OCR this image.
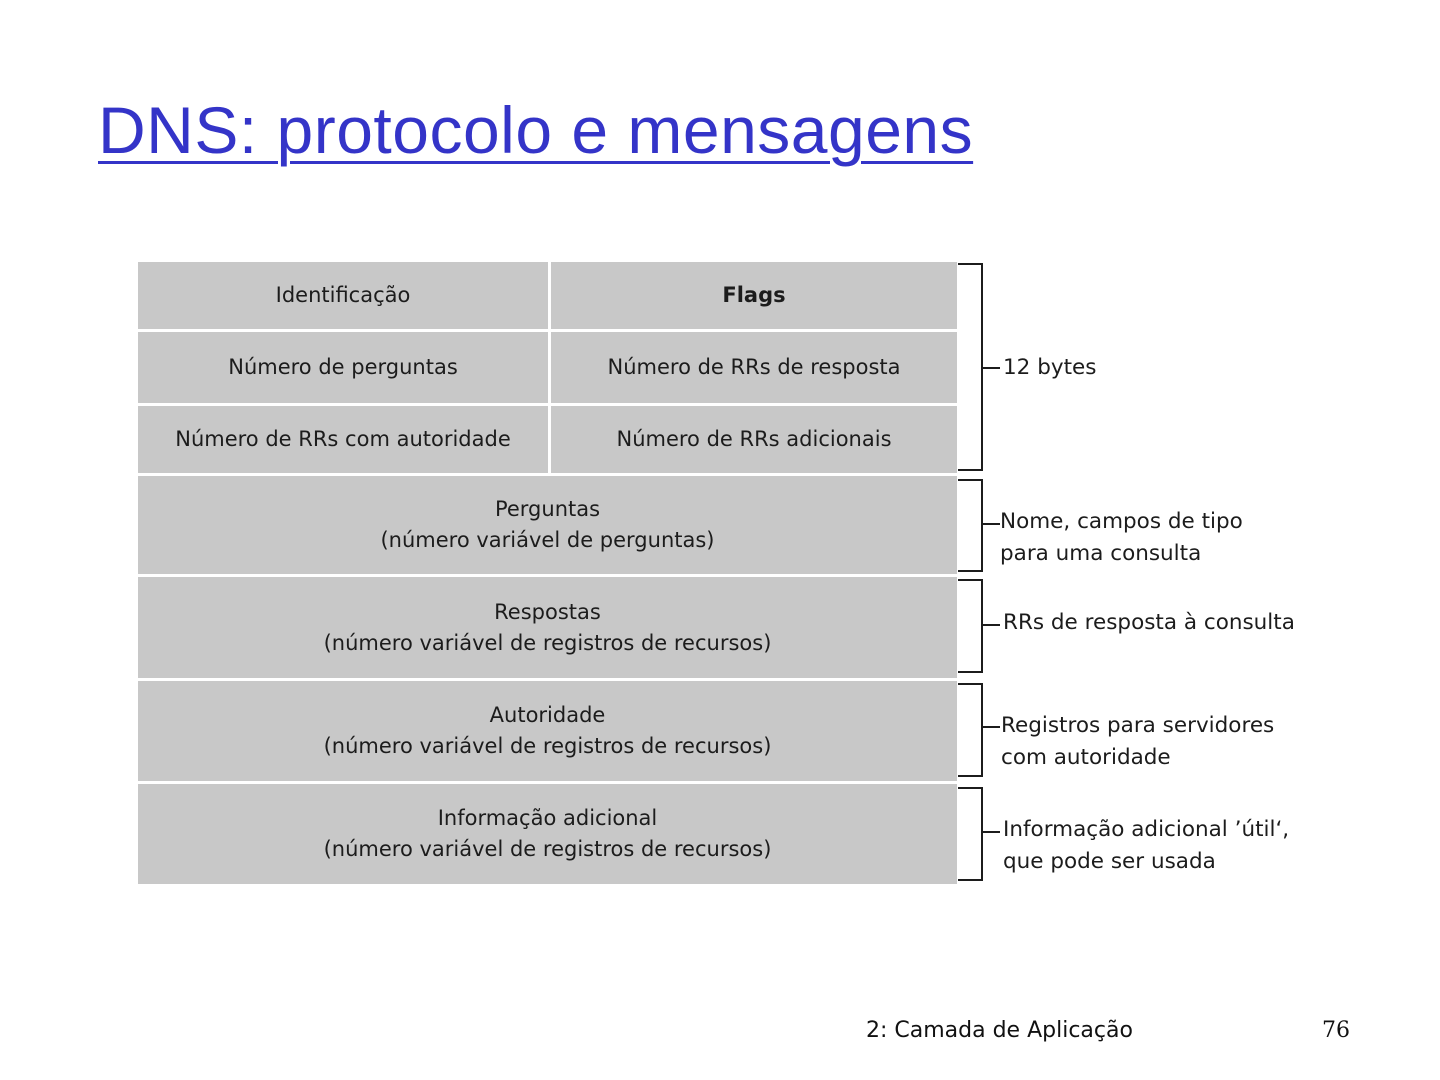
DNS: protocolo e mensagens
Identificação	Flags
Número de perguntas	Número de RRs de resposta
Número de RRs com autoridade	Número de RRs adicionais
Perguntas
(número variável de perguntas)
Respostas
(número variável de registros de recursos)
Autoridade
(número variável de registros de recursos)
Informação adicional
(número variável de registros de recursos)
12 bytes
Nome, campos de tipo
para uma consulta
RRs de resposta à consulta
Registros para servidores
com autoridade
Informação adicional ’útil‘,
que pode ser usada
2: Camada de Aplicação	76
